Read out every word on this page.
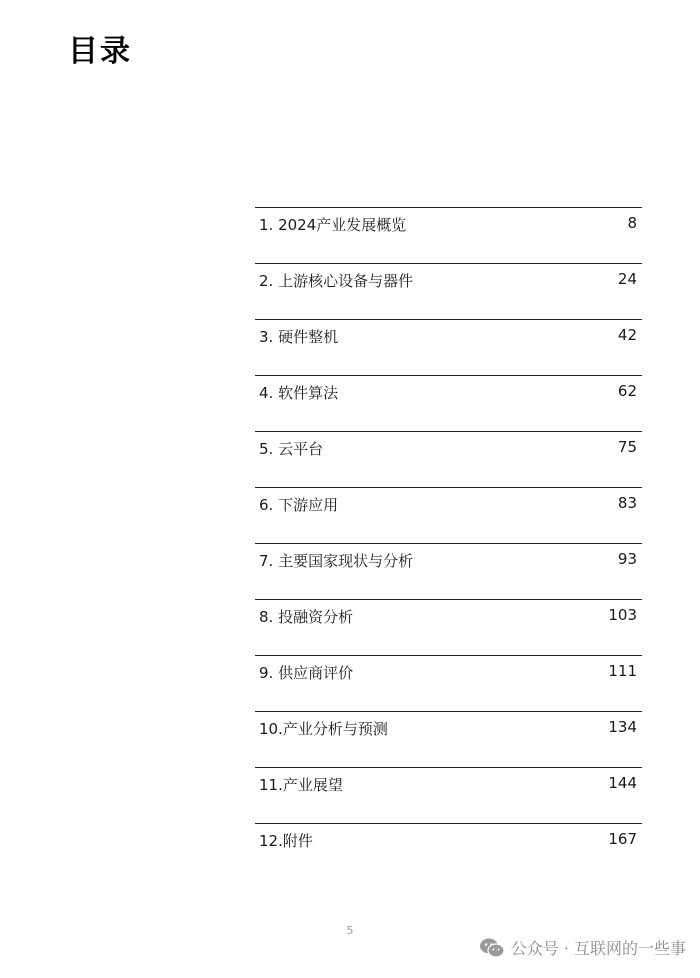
目录
1. 2024产业发展概览	8
2. 上游核心设备与器件	24
3. 硬件整机	42
4. 软件算法	62
5. 云平台	75
6. 下游应用	83
7. 主要国家现状与分析	93
8. 投融资分析	103
9. 供应商评价	111
10.产业分析与预测	134
11.产业展望	144
12.附件	167
5
公众号 · 互联网的一些事
